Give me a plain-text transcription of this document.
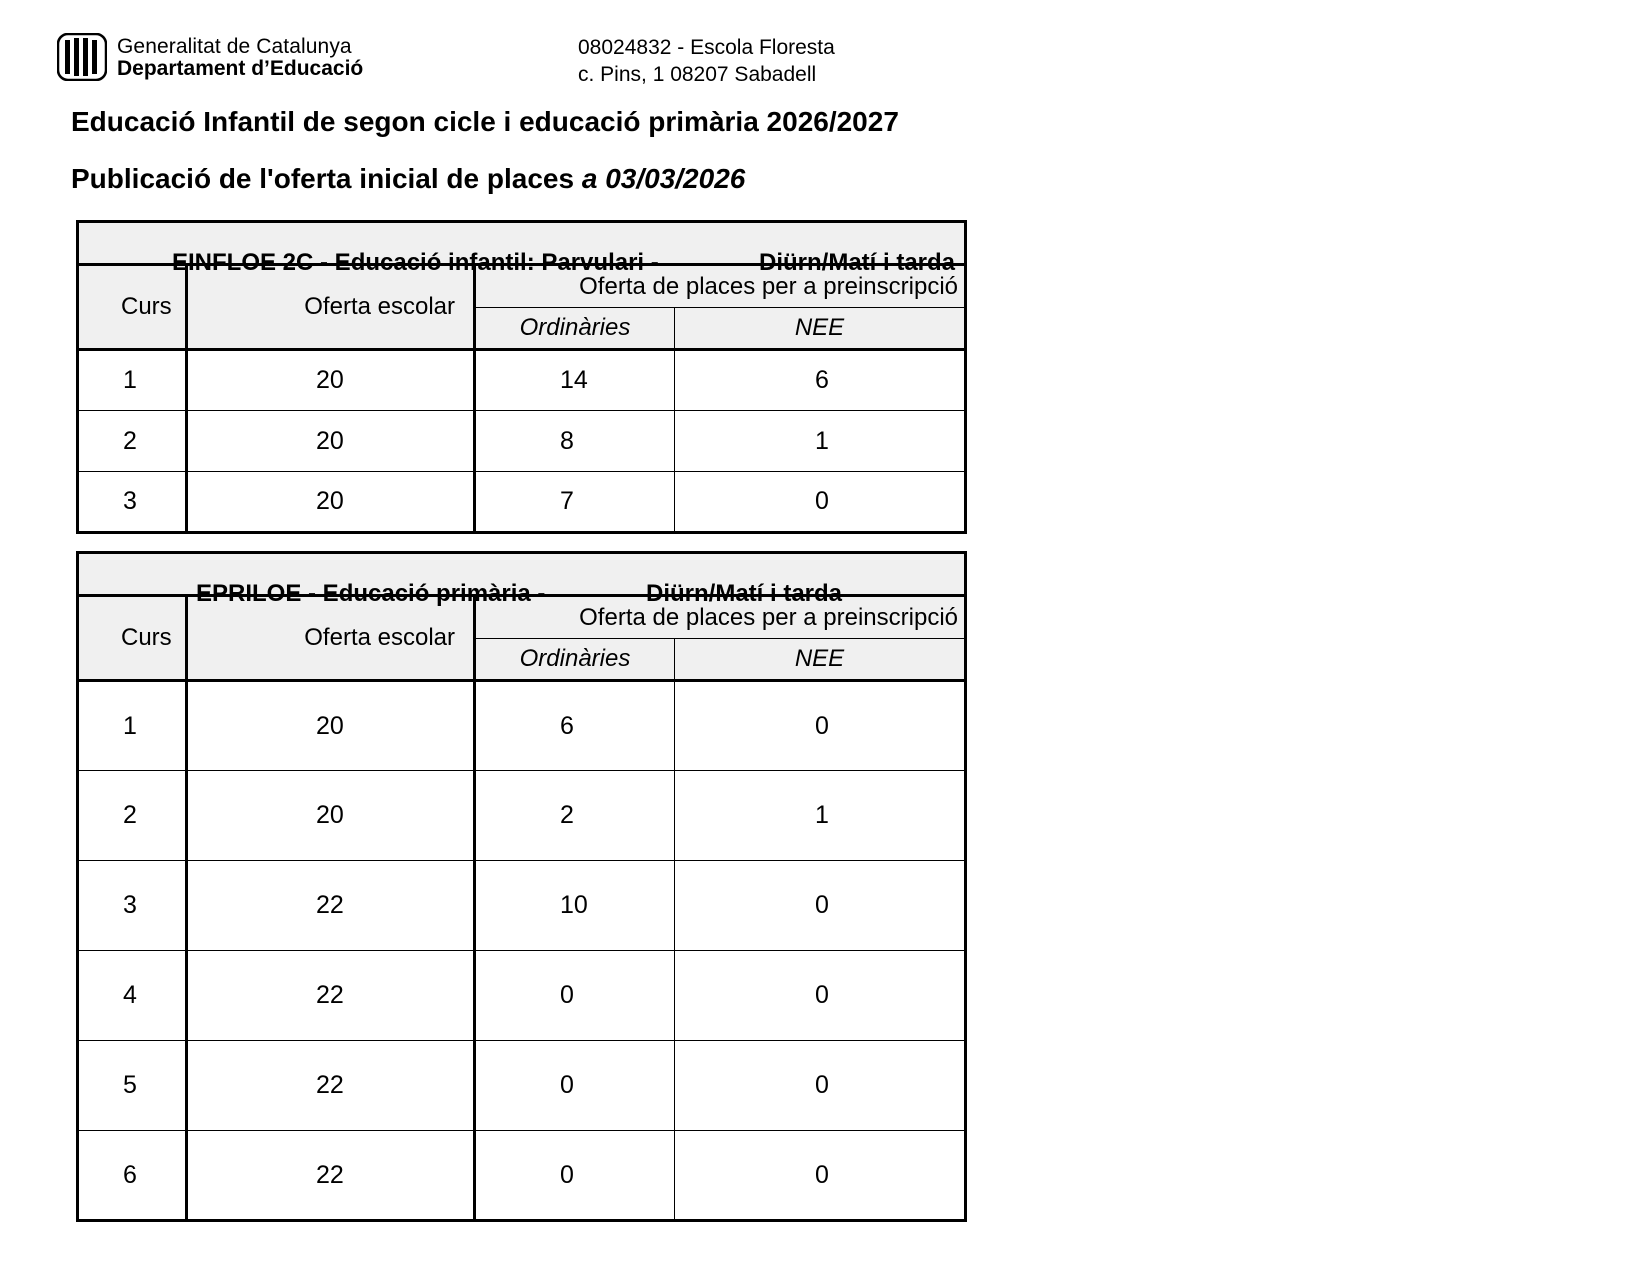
Generalitat de Catalunya
Departament d’Educació
08024832 - Escola Floresta
c. Pins, 1 08207 Sabadell
Educació Infantil de segon cicle i educació primària 2026/2027
Publicació de l'oferta inicial de places a 03/03/2026
EINFLOE 2C - Educació infantil: Parvulari - Diürn/Matí i tarda			

Curs	Oferta escolar	Oferta de places per a preinscripció	
		Ordinàries	NEE
1	20	14	6
2	20	8	1
3	20	7	0
EPRILOE - Educació primària - Diürn/Matí i tarda			

Curs	Oferta escolar	Oferta de places per a preinscripció	
		Ordinàries	NEE
1	20	6	0
2	20	2	1
3	22	10	0
4	22	0	0
5	22	0	0
6	22	0	0
